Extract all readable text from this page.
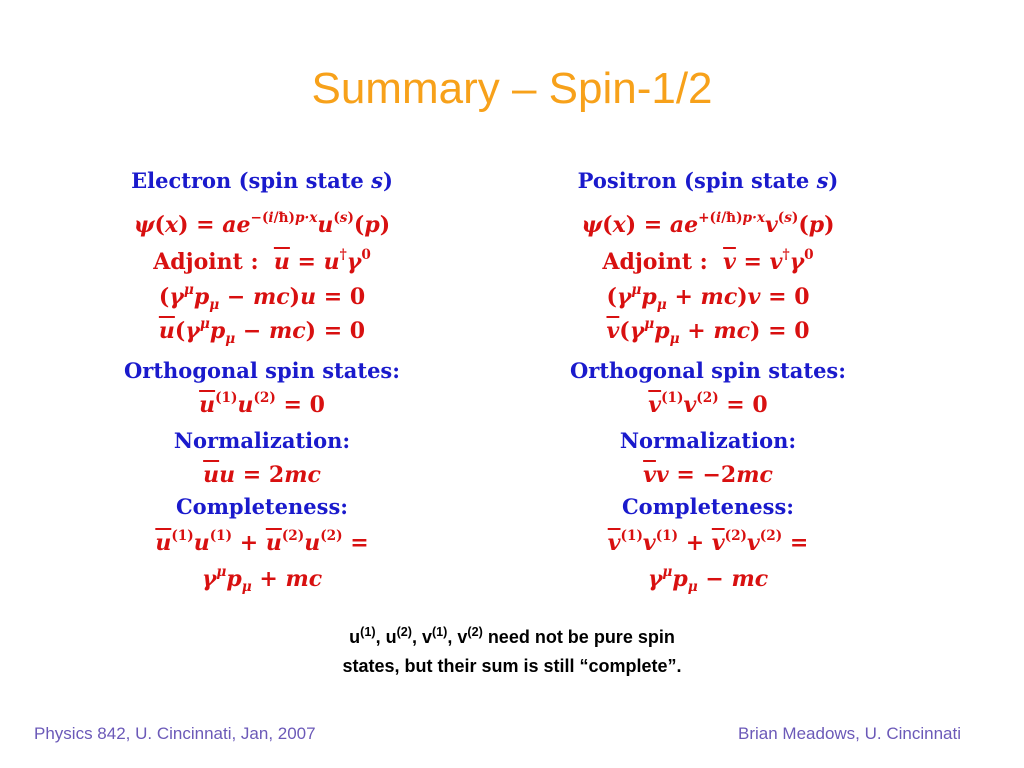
Summary – Spin-1/2
Electron (spin state s)
$\psi(x) = ae^{-(i/ħ)p\cdot x}u^{(s)}(p)$
Adjoint :  $\overline{u} = u^\dagger\gamma^0$
$(\gamma^\mu p_\mu - mc)u = 0$
$\overline{u}(\gamma^\mu p_\mu - mc) = 0$
Orthogonal spin states:
$\overline{u}^{(1)}u^{(2)} = 0$
Normalization:
$\overline{u}u = 2mc$
Completeness:
$\overline{u}^{(1)}u^{(1)} + \overline{u}^{(2)}u^{(2)}$ =
$\gamma^\mu p_\mu$ + mc
Positron (spin state s)
$\psi(x) = ae^{+(i/ħ)p\cdot x}v^{(s)}(p)$
Adjoint :  $\overline{v} = v^\dagger\gamma^0$
$(\gamma^\mu p_\mu + mc)v = 0$
$\overline{v}(\gamma^\mu p_\mu + mc) = 0$
Orthogonal spin states:
$\overline{v}^{(1)}v^{(2)} = 0$
Normalization:
$\overline{v}v = -2mc$
Completeness:
$\overline{v}^{(1)}v^{(1)} + \overline{v}^{(2)}v^{(2)}$ =
$\gamma^\mu p_\mu$ − mc
$u^{(1)}$, $u^{(2)}$, $v^{(1)}$, $v^{(2)}$ need not be pure spin
states, but their sum is still “complete”.
Physics 842, U. Cincinnati, Jan, 2007	Brian Meadows, U. Cincinnati
